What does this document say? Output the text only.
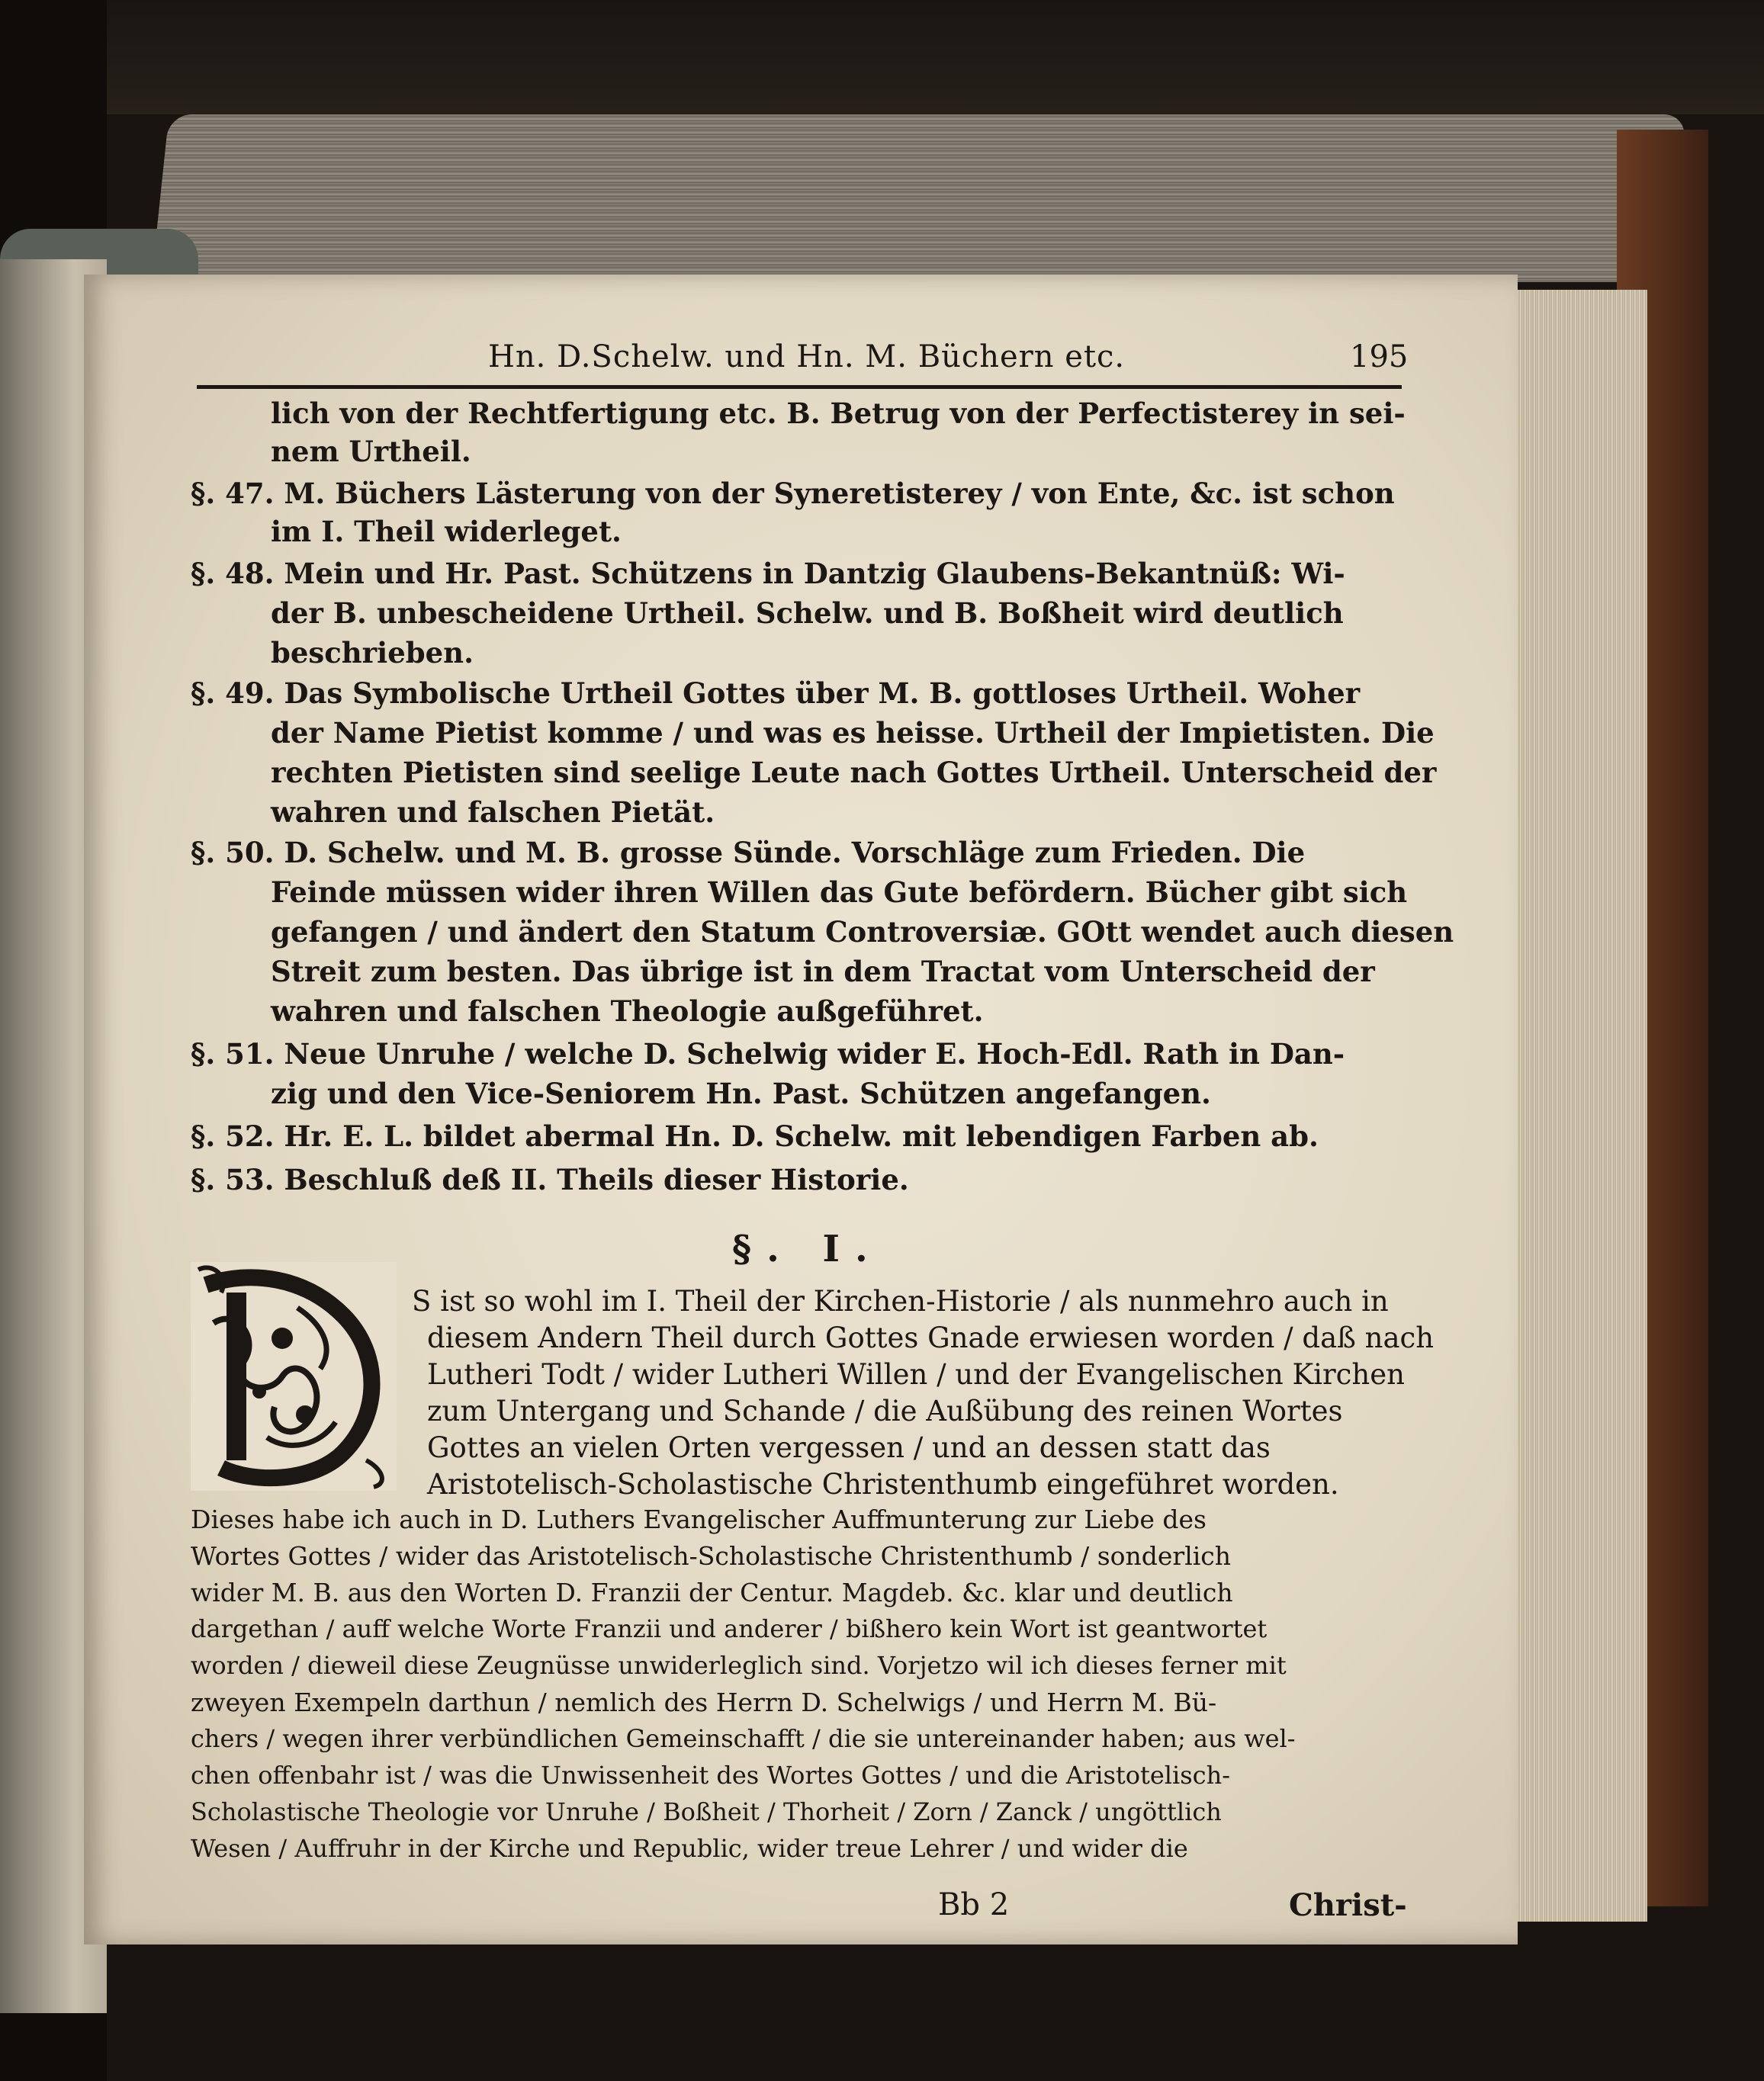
Hn. D.Schelw. und Hn. M. Büchern etc.	195
lich von der Rechtfertigung etc. B. Betrug von der Perfectisterey in sei-
nem Urtheil.
§. 47. M. Büchers Lästerung von der Syneretisterey / von Ente, &c. ist schon
im I. Theil widerleget.
§. 48. Mein und Hr. Past. Schützens in Dantzig Glaubens-Bekantnüß: Wi-
der B. unbescheidene Urtheil. Schelw. und B. Boßheit wird deutlich
beschrieben.
§. 49. Das Symbolische Urtheil Gottes über M. B. gottloses Urtheil. Woher
der Name Pietist komme / und was es heisse. Urtheil der Impietisten. Die
rechten Pietisten sind seelige Leute nach Gottes Urtheil. Unterscheid der
wahren und falschen Pietät.
§. 50. D. Schelw. und M. B. grosse Sünde. Vorschläge zum Frieden. Die
Feinde müssen wider ihren Willen das Gute befördern. Bücher gibt sich
gefangen / und ändert den Statum Controversiæ. GOtt wendet auch diesen
Streit zum besten. Das übrige ist in dem Tractat vom Unterscheid der
wahren und falschen Theologie außgeführet.
§. 51. Neue Unruhe / welche D. Schelwig wider E. Hoch-Edl. Rath in Dan-
zig und den Vice-Seniorem Hn. Past. Schützen angefangen.
§. 52. Hr. E. L. bildet abermal Hn. D. Schelw. mit lebendigen Farben ab.
§. 53. Beschluß deß II. Theils dieser Historie.
§. I.
S ist so wohl im I. Theil der Kirchen-Historie / als nunmehro auch in
diesem Andern Theil durch Gottes Gnade erwiesen worden / daß nach
Lutheri Todt / wider Lutheri Willen / und der Evangelischen Kirchen
zum Untergang und Schande / die Außübung des reinen Wortes
Gottes an vielen Orten vergessen / und an dessen statt das
Aristotelisch-Scholastische Christenthumb eingeführet worden.
Dieses habe ich auch in D. Luthers Evangelischer Auffmunterung zur Liebe des
Wortes Gottes / wider das Aristotelisch-Scholastische Christenthumb / sonderlich
wider M. B. aus den Worten D. Franzii der Centur. Magdeb. &c. klar und deutlich
dargethan / auff welche Worte Franzii und anderer / bißhero kein Wort ist geantwortet
worden / dieweil diese Zeugnüsse unwiderleglich sind. Vorjetzo wil ich dieses ferner mit
zweyen Exempeln darthun / nemlich des Herrn D. Schelwigs / und Herrn M. Bü-
chers / wegen ihrer verbündlichen Gemeinschafft / die sie untereinander haben; aus wel-
chen offenbahr ist / was die Unwissenheit des Wortes Gottes / und die Aristotelisch-
Scholastische Theologie vor Unruhe / Boßheit / Thorheit / Zorn / Zanck / ungöttlich
Wesen / Auffruhr in der Kirche und Republic, wider treue Lehrer / und wider die
Bb 2	Christ-
